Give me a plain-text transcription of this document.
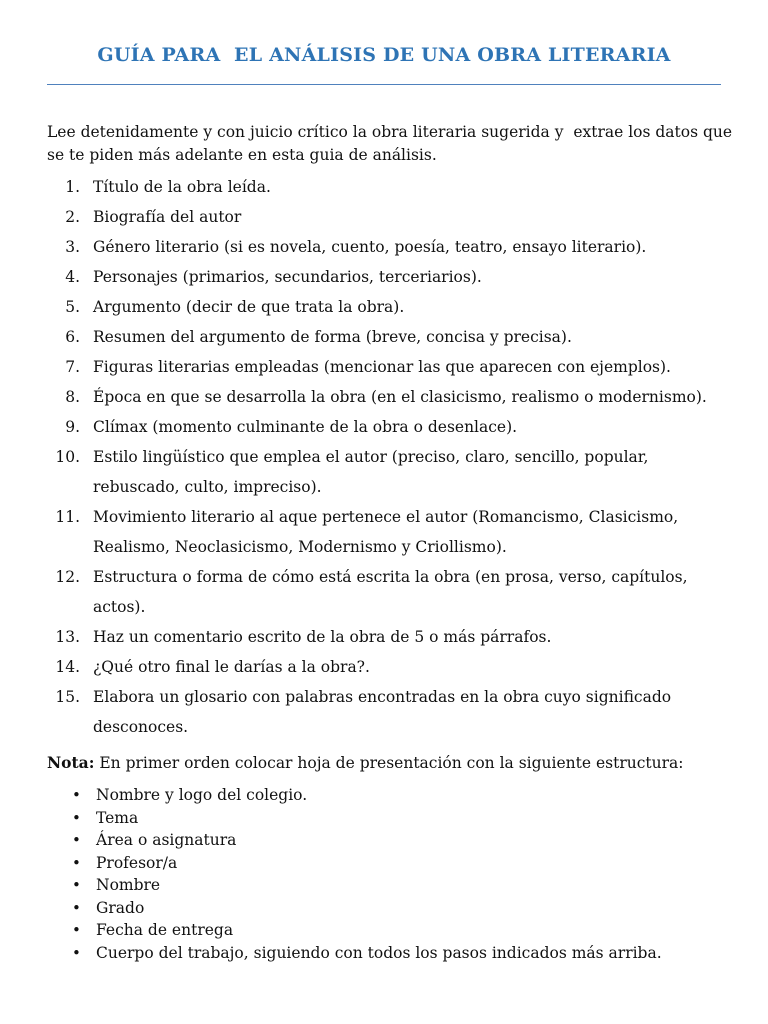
GUÍA PARA  EL ANÁLISIS DE UNA OBRA LITERARIA
Lee detenidamente y con juicio crítico la obra literaria sugerida y  extrae los datos que
se te piden más adelante en esta guia de análisis.
1. Título de la obra leída.
2. Biografía del autor
3. Género literario (si es novela, cuento, poesía, teatro, ensayo literario).
4. Personajes (primarios, secundarios, terceriarios).
5. Argumento (decir de que trata la obra).
6. Resumen del argumento de forma (breve, concisa y precisa).
7. Figuras literarias empleadas (mencionar las que aparecen con ejemplos).
8. Época en que se desarrolla la obra (en el clasicismo, realismo o modernismo).
9. Clímax (momento culminante de la obra o desenlace).
10. Estilo lingüístico que emplea el autor (preciso, claro, sencillo, popular, rebuscado, culto, impreciso).
11. Movimiento literario al aque pertenece el autor (Romancismo, Clasicismo, Realismo, Neoclasicismo, Modernismo y Criollismo).
12. Estructura o forma de cómo está escrita la obra (en prosa, verso, capítulos, actos).
13. Haz un comentario escrito de la obra de 5 o más párrafos.
14. ¿Qué otro final le darías a la obra?.
15. Elabora un glosario con palabras encontradas en la obra cuyo significado desconoces.
Nota: En primer orden colocar hoja de presentación con la siguiente estructura:
• Nombre y logo del colegio.
• Tema
• Área o asignatura
• Profesor/a
• Nombre
• Grado
• Fecha de entrega
• Cuerpo del trabajo, siguiendo con todos los pasos indicados más arriba.
